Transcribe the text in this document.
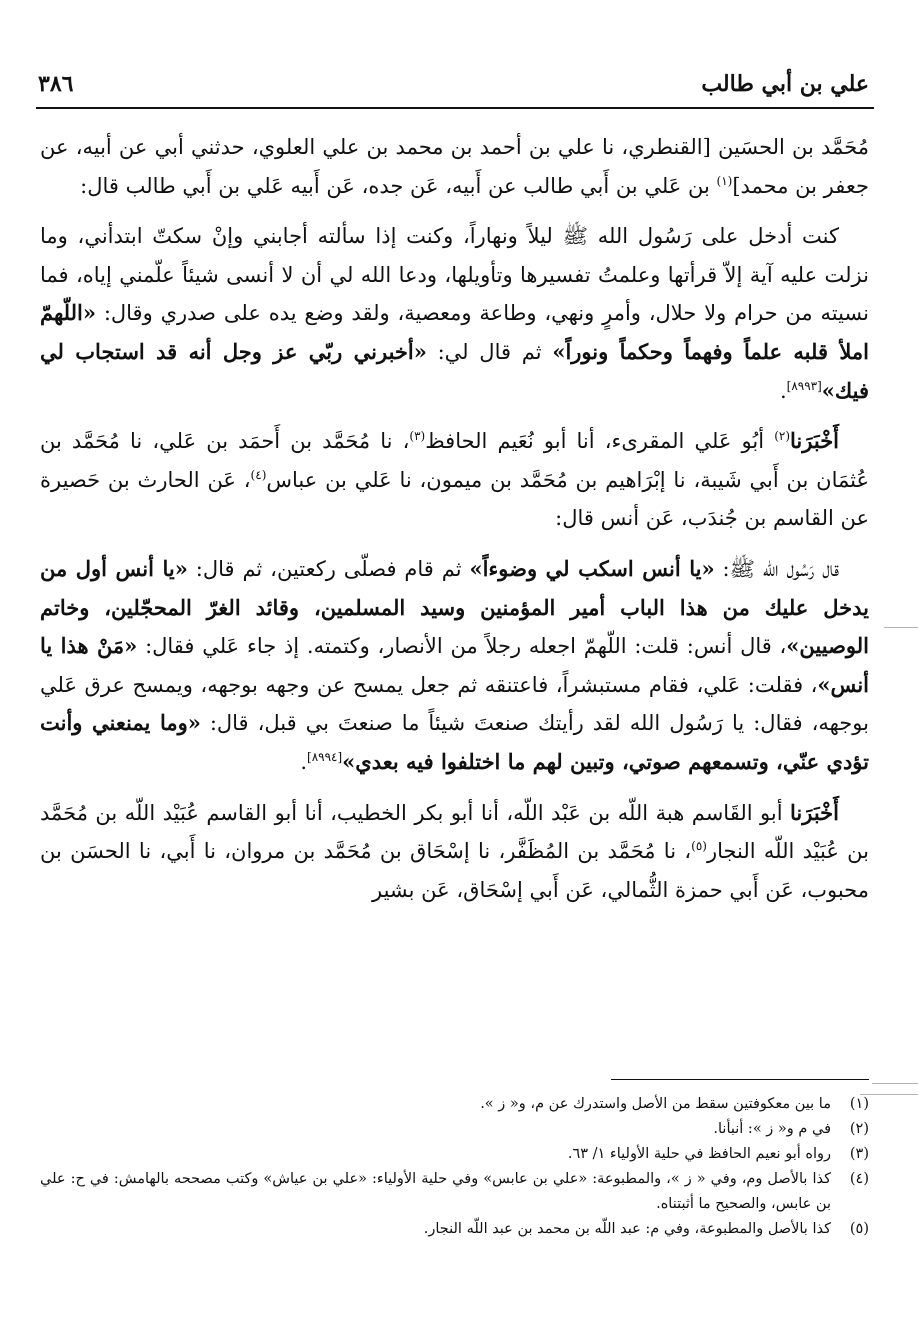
٣٨٦	علي بن أبي طالب

مُحَمَّد بن الحسَين [القنطري، نا علي بن أحمد بن محمد بن علي العلوي، حدثني أبي عن أبيه، عن جعفر بن محمد]$^{(١)}$ بن عَلي بن أَبي طالب عن أَبيه، عَن جده، عَن أَبيه عَلي بن أَبي طالب قال:

كنت أدخل على رَسُول الله ﷺ ليلاً ونهاراً، وكنت إذا سألته أجابني وإنْ سكتّ ابتدأني، وما نزلت عليه آية إلاّ قرأتها وعلمتُ تفسيرها وتأويلها، ودعا الله لي أن لا أنسى شيئاً علّمني إياه، فما نسيته من حرام ولا حلال، وأمرٍ ونهي، وطاعة ومعصية، ولقد وضع يده على صدري وقال: «اللّهمّ املأ قلبه علماً وفهماً وحكماً ونوراً» ثم قال لي: «أخبرني ربّي عز وجل أنه قد استجاب لي فيك»[٨٩٩٣].

أَخْبَرَنا$^{(٢)}$ أبُو عَلي المقرىء، أنا أبو نُعَيم الحافظ$^{(٣)}$، نا مُحَمَّد بن أَحمَد بن عَلي، نا مُحَمَّد بن عُثمَان بن أَبي شَيبة، نا إبْرَاهيم بن مُحَمَّد بن ميمون، نا عَلي بن عباس$^{(٤)}$، عَن الحارث بن حَصيرة عن القاسم بن جُندَب، عَن أنس قال:

قال رَسُول الله ﷺ: «يا أنس اسكب لي وضوءاً» ثم قام فصلّى ركعتين، ثم قال: «يا أنس أول من يدخل عليك من هذا الباب أمير المؤمنين وسيد المسلمين، وقائد الغرّ المحجّلين، وخاتم الوصيين»، قال أنس: قلت: اللّهمّ اجعله رجلاً من الأنصار، وكتمته. إذ جاء عَلي فقال: «مَنْ هذا يا أنس»، فقلت: عَلي، فقام مستبشراً، فاعتنقه ثم جعل يمسح عن وجهه بوجهه، ويمسح عرق عَلي بوجهه، فقال: يا رَسُول الله لقد رأيتك صنعتَ شيئاً ما صنعتَ بي قبل، قال: «وما يمنعني وأنت تؤدي عنّي، وتسمعهم صوتي، وتبين لهم ما اختلفوا فيه بعدي»[٨٩٩٤].

أَخْبَرَنا أبو القَاسم هبة اللّه بن عَبْد اللّه، أنا أبو بكر الخطيب، أنا أبو القاسم عُبَيْد اللّه بن مُحَمَّد بن عُبَيْد اللّه النجار$^{(٥)}$، نا مُحَمَّد بن المُظَفَّر، نا إسْحَاق بن مُحَمَّد بن مروان، نا أَبي، نا الحسَن بن محبوب، عَن أَبي حمزة الثُّمالي، عَن أَبي إسْحَاق، عَن بشير

(١)
ما بين معكوفتين سقط من الأصل واستدرك عن م، و« ز ».
(٢)
في م و« ز »: أنبأنا.
(٣)
رواه أبو نعيم الحافظ في حلية الأولياء ١/ ٦٣.
(٤)
كذا بالأصل وم، وفي « ز »، والمطبوعة: «علي بن عابس» وفي حلية الأولياء: «علي بن عياش» وكتب مصححه بالهامش: في ح: علي بن عابس، والصحيح ما أثبتناه.
(٥)
كذا بالأصل والمطبوعة، وفي م: عبد اللّه بن محمد بن عبد اللّه النجار.
